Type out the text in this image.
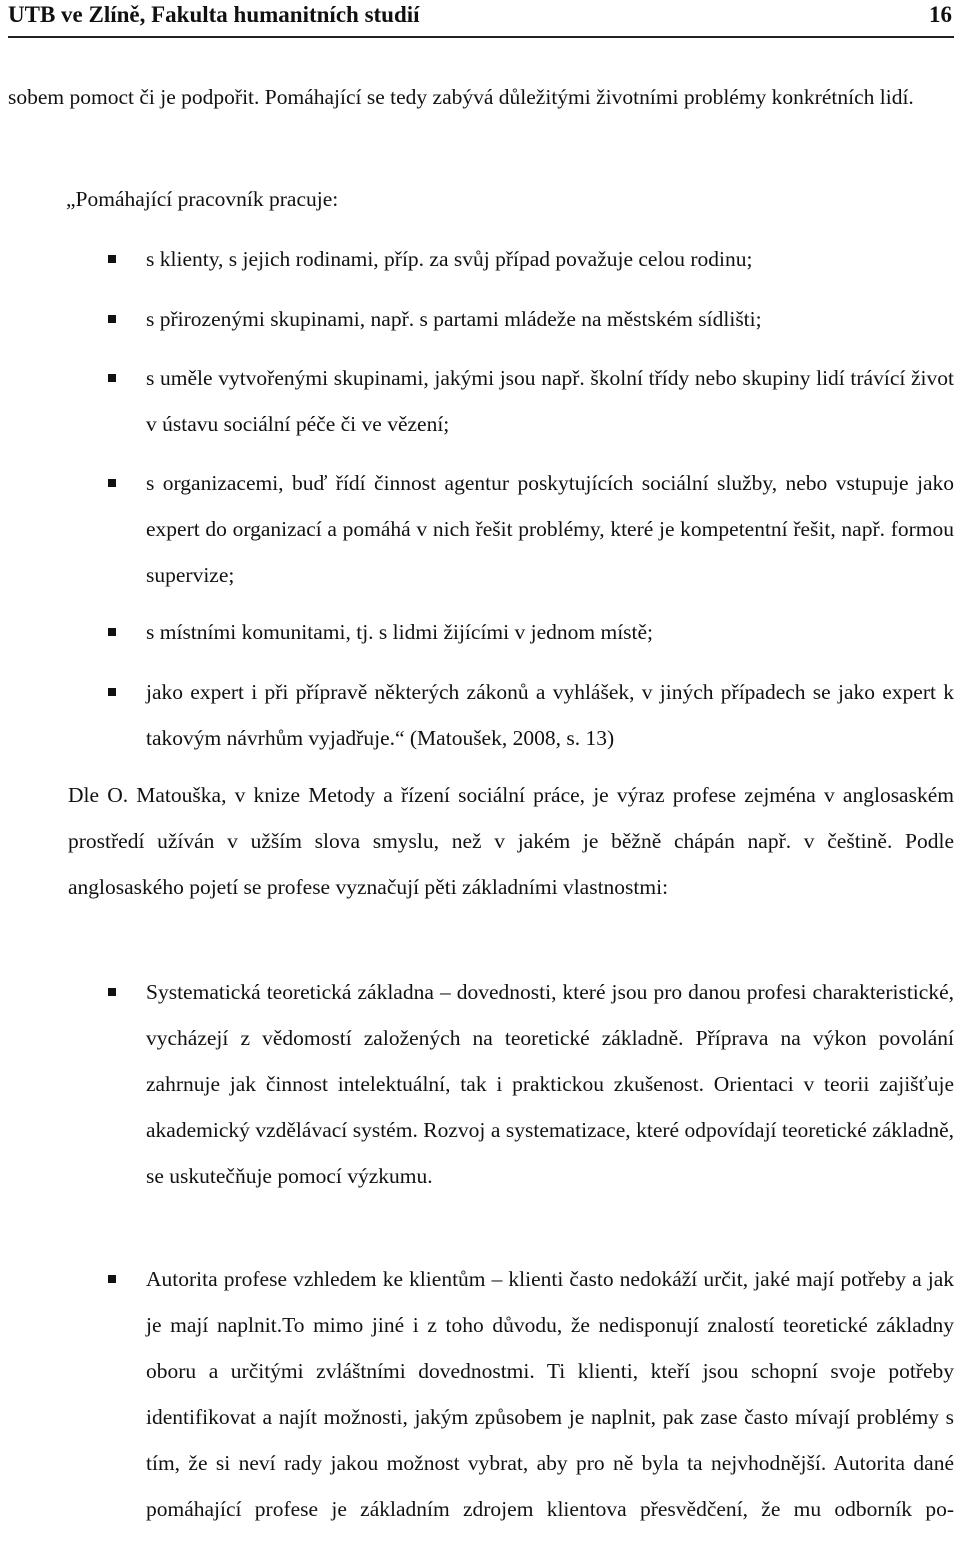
UTB ve Zlíně, Fakulta humanitních studií	16
sobem pomoct či je podpořit. Pomáhající se tedy zabývá důležitými životními problémy konkrétních lidí.
„Pomáhající pracovník pracuje:
s klienty, s jejich rodinami, příp. za svůj případ považuje celou rodinu;
s přirozenými skupinami, např. s partami mládeže na městském sídlišti;
s uměle vytvořenými skupinami, jakými jsou např. školní třídy nebo skupiny lidí trávící život v ústavu sociální péče či ve vězení;
s organizacemi, buď řídí činnost agentur poskytujících sociální služby, nebo vstupuje jako expert do organizací a pomáhá v nich řešit problémy, které je kompetentní řešit, např. formou supervize;
s místními komunitami, tj. s lidmi žijícími v jednom místě;
jako expert i při přípravě některých zákonů a vyhlášek, v jiných případech se jako expert k takovým návrhům vyjadřuje.“ (Matoušek, 2008, s. 13)
Dle O. Matouška, v knize Metody a řízení sociální práce, je výraz profese zejména v anglosaském prostředí užíván v užším slova smyslu, než v jakém je běžně chápán např. v češtině. Podle anglosaského pojetí se profese vyznačují pěti základními vlastnostmi:
Systematická teoretická základna – dovednosti, které jsou pro danou profesi charakteristické, vycházejí z vědomostí založených na teoretické základně. Příprava na výkon povolání zahrnuje jak činnost intelektuální, tak i praktickou zkušenost. Orientaci v teorii zajišťuje akademický vzdělávací systém. Rozvoj a systematizace, které odpovídají teoretické základně, se uskutečňuje pomocí výzkumu.
Autorita profese vzhledem ke klientům – klienti často nedokáží určit, jaké mají potřeby a jak je mají naplnit.To mimo jiné i z toho důvodu, že nedisponují znalostí teoretické základny oboru a určitými zvláštními dovednostmi. Ti klienti, kteří jsou schopní svoje potřeby identifikovat a najít možnosti, jakým způsobem je naplnit, pak zase často mívají problémy s tím, že si neví rady jakou možnost vybrat, aby pro ně byla ta nejvhodnější. Autorita dané pomáhající profese je základním zdrojem klientova přesvědčení, že mu odborník po-
